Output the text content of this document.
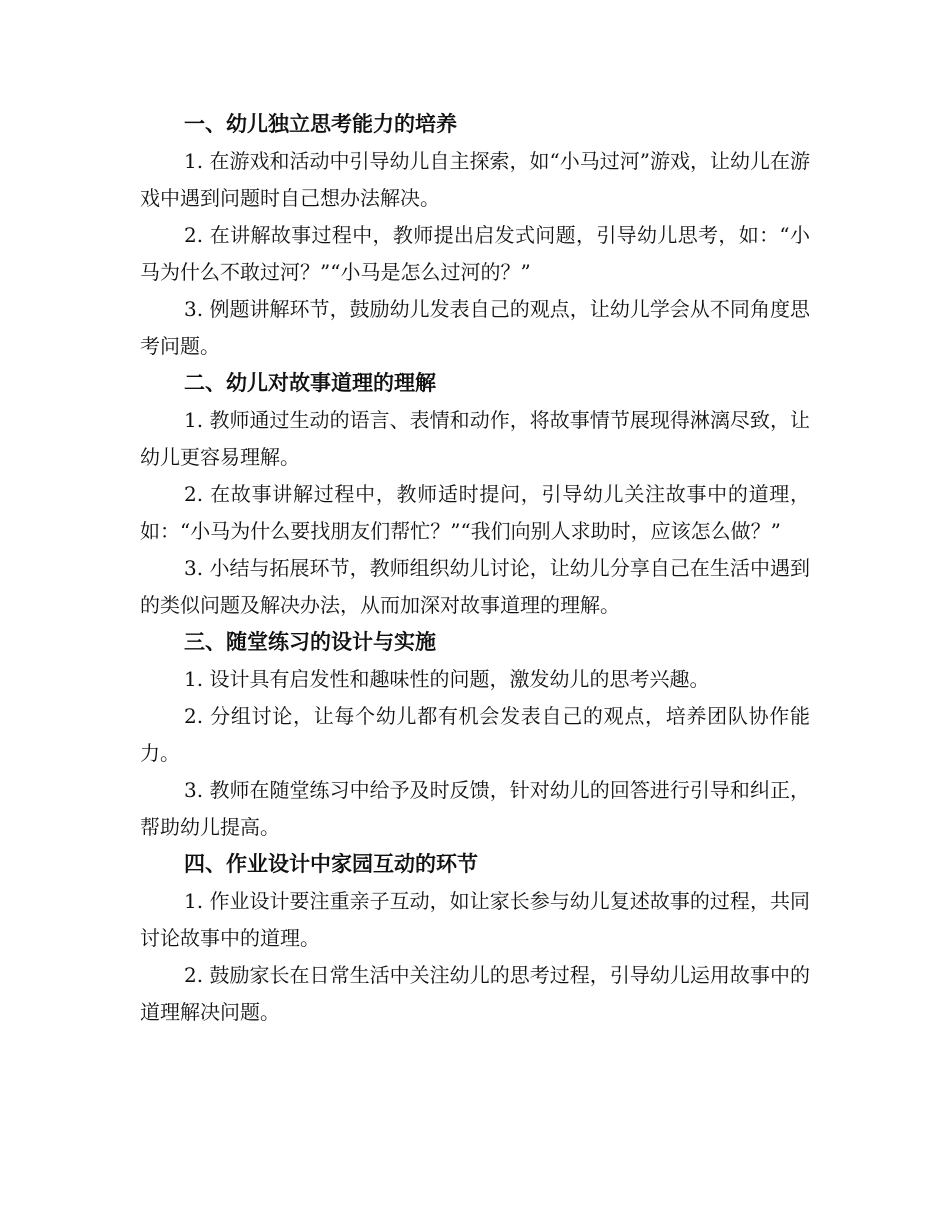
一、幼儿独立思考能力的培养

1. 在游戏和活动中引导幼儿自主探索，如“小马过河”游戏，让幼儿在游戏中遇到问题时自己想办法解决。

2. 在讲解故事过程中，教师提出启发式问题，引导幼儿思考，如：“小马为什么不敢过河？”“小马是怎么过河的？”

3. 例题讲解环节，鼓励幼儿发表自己的观点，让幼儿学会从不同角度思考问题。

二、幼儿对故事道理的理解

1. 教师通过生动的语言、表情和动作，将故事情节展现得淋漓尽致，让幼儿更容易理解。

2. 在故事讲解过程中，教师适时提问，引导幼儿关注故事中的道理，如：“小马为什么要找朋友们帮忙？”“我们向别人求助时，应该怎么做？”

3. 小结与拓展环节，教师组织幼儿讨论，让幼儿分享自己在生活中遇到的类似问题及解决办法，从而加深对故事道理的理解。

三、随堂练习的设计与实施

1. 设计具有启发性和趣味性的问题，激发幼儿的思考兴趣。

2. 分组讨论，让每个幼儿都有机会发表自己的观点，培养团队协作能力。

3. 教师在随堂练习中给予及时反馈，针对幼儿的回答进行引导和纠正，帮助幼儿提高。

四、作业设计中家园互动的环节

1. 作业设计要注重亲子互动，如让家长参与幼儿复述故事的过程，共同讨论故事中的道理。

2. 鼓励家长在日常生活中关注幼儿的思考过程，引导幼儿运用故事中的道理解决问题。
